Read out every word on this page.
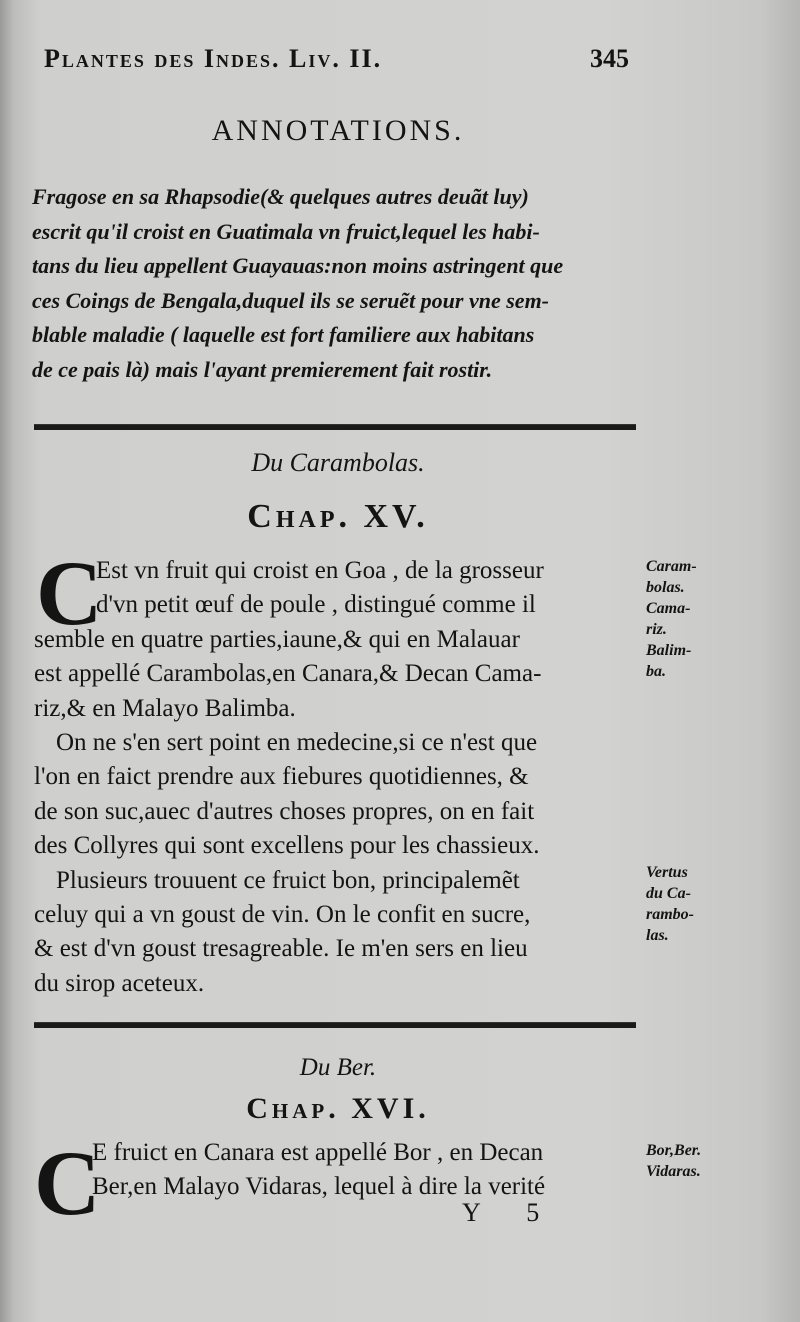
Plantes des Indes. Liv. II.	345
ANNOTATIONS.
Fragose en sa Rhapsodie(& quelques autres deuãt luy)
escrit qu'il croist en Guatimala vn fruict,lequel les habi-
tans du lieu appellent Guayauas:non moins astringent que
ces Coings de Bengala,duquel ils se seruẽt pour vne sem-
blable maladie ( laquelle est fort familiere aux habitans
de ce pais là) mais l'ayant premierement fait rostir.
Du Carambolas.
Chap. XV.
C
Est vn fruit qui croist en Goa , de la grosseur
d'vn petit œuf de poule , distingué comme il
semble en quatre parties,iaune,& qui en Malauar
est appellé Carambolas,en Canara,& Decan Cama-
riz,& en Malayo Balimba.
On ne s'en sert point en medecine,si ce n'est que
l'on en faict prendre aux fiebures quotidiennes, &
de son suc,auec d'autres choses propres, on en fait
des Collyres qui sont excellens pour les chassieux.
Plusieurs trouuent ce fruict bon, principalemẽt
celuy qui a vn goust de vin. On le confit en sucre,
& est d'vn goust tresagreable. Ie m'en sers en lieu
du sirop aceteux.
Caram-
bolas.
Cama-
riz.
Balim-
ba.
Vertus
du Ca-
rambo-
las.
Du Ber.
Chap. XVI.
C
E fruict en Canara est appellé Bor , en Decan
Ber,en Malayo Vidaras, lequel à dire la verité
Bor,Ber.
Vidaras.
Y 5
